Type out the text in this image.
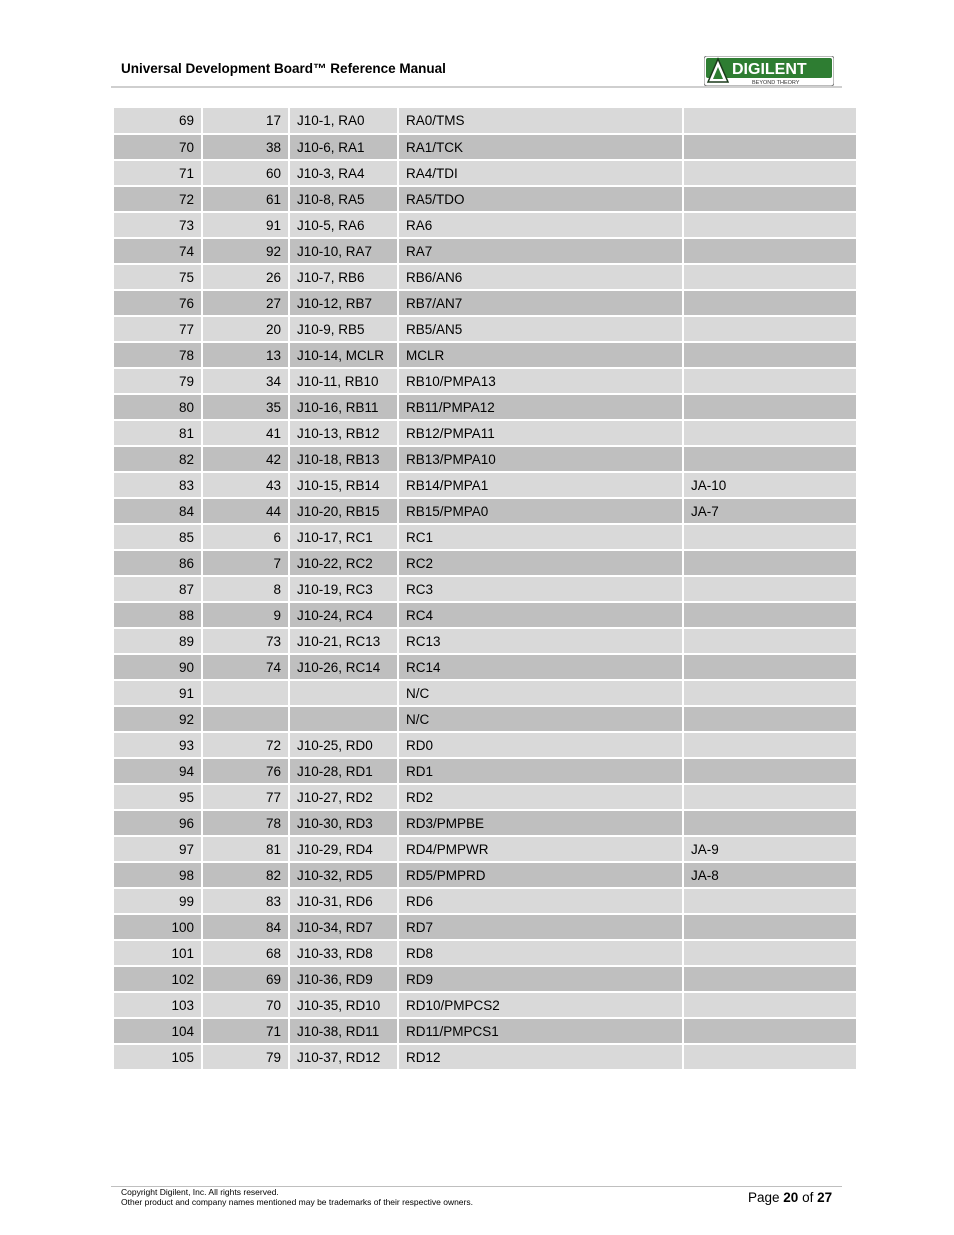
Universal Development Board™ Reference Manual	DIGILENT
BEYOND THEORY
69	17	J10-1, RA0	RA0/TMS	
70	38	J10-6, RA1	RA1/TCK	
71	60	J10-3, RA4	RA4/TDI	
72	61	J10-8, RA5	RA5/TDO	
73	91	J10-5, RA6	RA6	
74	92	J10-10, RA7	RA7	
75	26	J10-7, RB6	RB6/AN6	
76	27	J10-12, RB7	RB7/AN7	
77	20	J10-9, RB5	RB5/AN5	
78	13	J10-14, MCLR	MCLR	
79	34	J10-11, RB10	RB10/PMPA13	
80	35	J10-16, RB11	RB11/PMPA12	
81	41	J10-13, RB12	RB12/PMPA11	
82	42	J10-18, RB13	RB13/PMPA10	
83	43	J10-15, RB14	RB14/PMPA1	JA-10
84	44	J10-20, RB15	RB15/PMPA0	JA-7
85	6	J10-17, RC1	RC1	
86	7	J10-22, RC2	RC2	
87	8	J10-19, RC3	RC3	
88	9	J10-24, RC4	RC4	
89	73	J10-21, RC13	RC13	
90	74	J10-26, RC14	RC14	
91			N/C	
92			N/C	
93	72	J10-25, RD0	RD0	
94	76	J10-28, RD1	RD1	
95	77	J10-27, RD2	RD2	
96	78	J10-30, RD3	RD3/PMPBE	
97	81	J10-29, RD4	RD4/PMPWR	JA-9
98	82	J10-32, RD5	RD5/PMPRD	JA-8
99	83	J10-31, RD6	RD6	
100	84	J10-34, RD7	RD7	
101	68	J10-33, RD8	RD8	
102	69	J10-36, RD9	RD9	
103	70	J10-35, RD10	RD10/PMPCS2	
104	71	J10-38, RD11	RD11/PMPCS1	
105	79	J10-37, RD12	RD12	
Copyright Digilent, Inc. All rights reserved.
Other product and company names mentioned may be trademarks of their respective owners.	Page 20 of 27
